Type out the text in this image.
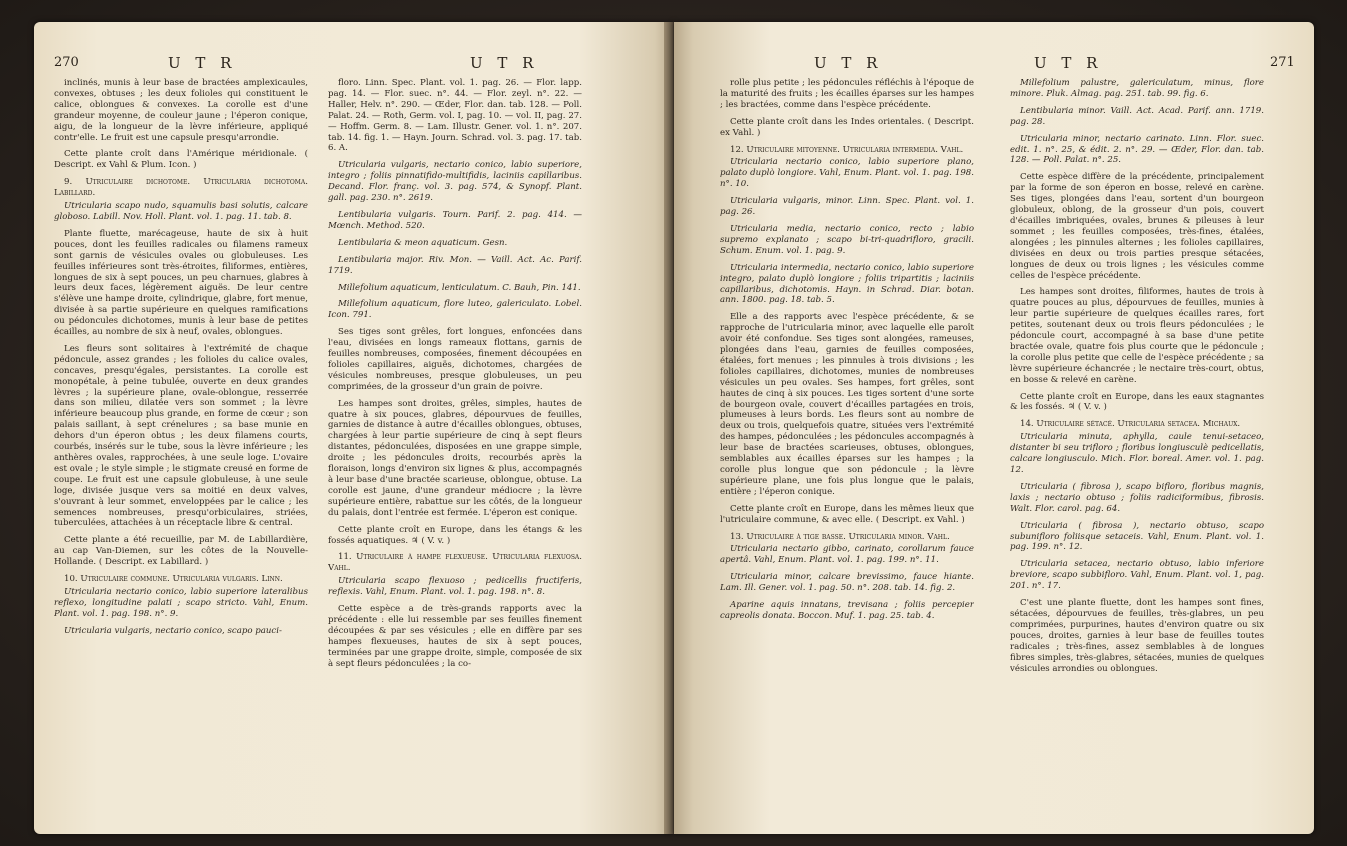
270	U T R	U T R

inclinés, munis à leur base de bractées amplexicaules, convexes, obtuses ; les deux folioles qui constituent le calice, oblongues & convexes. La corolle est d'une grandeur moyenne, de couleur jaune ; l'éperon conique, aigu, de la longueur de la lèvre inférieure, appliqué contr'elle. Le fruit est une capsule presqu'arrondie.

Cette plante croît dans l'Amérique méridionale. ( Descript. ex Vahl & Plum. Icon. )

9. Utriculaire dichotome. Utricularia dichotoma. Labillard.

Utricularia scapo nudo, squamulis basi solutis, calcare globoso. Labill. Nov. Holl. Plant. vol. 1. pag. 11. tab. 8.

Plante fluette, marécageuse, haute de six à huit pouces, dont les feuilles radicales ou filamens rameux sont garnis de vésicules ovales ou globuleuses. Les feuilles inférieures sont très-étroites, filiformes, entières, longues de six à sept pouces, un peu charnues, glabres à leurs deux faces, légèrement aiguës. De leur centre s'élève une hampe droite, cylindrique, glabre, fort menue, divisée à sa partie supérieure en quelques ramifications ou pédoncules dichotomes, munis à leur base de petites écailles, au nombre de six à neuf, ovales, oblongues.

Les fleurs sont solitaires à l'extrémité de chaque pédoncule, assez grandes ; les folioles du calice ovales, concaves, presqu'égales, persistantes. La corolle est monopétale, à peine tubulée, ouverte en deux grandes lèvres ; la supérieure plane, ovale-oblongue, resserrée dans son milieu, dilatée vers son sommet ; la lèvre inférieure beaucoup plus grande, en forme de cœur ; son palais saillant, à sept crénelures ; sa base munie en dehors d'un éperon obtus ; les deux filamens courts, courbés, insérés sur le tube, sous la lèvre inférieure ; les anthères ovales, rapprochées, à une seule loge. L'ovaire est ovale ; le style simple ; le stigmate creusé en forme de coupe. Le fruit est une capsule globuleuse, à une seule loge, divisée jusque vers sa moitié en deux valves, s'ouvrant à leur sommet, enveloppées par le calice ; les semences nombreuses, presqu'orbiculaires, striées, tuberculées, attachées à un réceptacle libre & central.

Cette plante a été recueillie, par M. de Labillardière, au cap Van-Diemen, sur les côtes de la Nouvelle-Hollande. ( Descript. ex Labillard. )

10. Utriculaire commune. Utricularia vulgaris. Linn.

Utricularia nectario conico, labio superiore lateralibus reflexo, longitudine palati ; scapo stricto. Vahl, Enum. Plant. vol. 1. pag. 198. n°. 9.

Utricularia vulgaris, nectario conico, scapo pauci-

floro. Linn. Spec. Plant. vol. 1. pag. 26. — Flor. lapp. pag. 14. — Flor. suec. n°. 44. — Flor. zeyl. n°. 22. — Haller, Helv. n°. 290. — Œder, Flor. dan. tab. 128. — Poll. Palat. 24. — Roth, Germ. vol. I, pag. 10. — vol. II, pag. 27. — Hoffm. Germ. 8. — Lam. Illustr. Gener. vol. 1. n°. 207. tab. 14. fig. 1. — Hayn. Journ. Schrad. vol. 3. pag. 17. tab. 6. A.

Utricularia vulgaris, nectario conico, labio superiore, integro ; foliis pinnatifido-multifidis, laciniis capillaribus. Decand. Flor. franç. vol. 3. pag. 574, & Synopf. Plant. gall. pag. 230. n°. 2619.

Lentibularia vulgaris. Tourn. Parif. 2. pag. 414. — Mœnch. Method. 520.

Lentibularia & meon aquaticum. Gesn.

Lentibularia major. Riv. Mon. — Vaill. Act. Ac. Parif. 1719.

Millefolium aquaticum, lenticulatum. C. Bauh, Pin. 141.

Millefolium aquaticum, flore luteo, galericulato. Lobel. Icon. 791.

Ses tiges sont grêles, fort longues, enfoncées dans l'eau, divisées en longs rameaux flottans, garnis de feuilles nombreuses, composées, finement découpées en folioles capillaires, aiguës, dichotomes, chargées de vésicules nombreuses, presque globuleuses, un peu comprimées, de la grosseur d'un grain de poivre.

Les hampes sont droites, grêles, simples, hautes de quatre à six pouces, glabres, dépourvues de feuilles, garnies de distance à autre d'écailles oblongues, obtuses, chargées à leur partie supérieure de cinq à sept fleurs distantes, pédonculées, disposées en une grappe simple, droite ; les pédoncules droits, recourbés après la floraison, longs d'environ six lignes & plus, accompagnés à leur base d'une bractée scarieuse, oblongue, obtuse. La corolle est jaune, d'une grandeur médiocre ; la lèvre supérieure entière, rabattue sur les côtés, de la longueur du palais, dont l'entrée est fermée. L'éperon est conique.

Cette plante croît en Europe, dans les étangs & les fossés aquatiques. ♃ ( V. v. )

11. Utriculaire à hampe flexueuse. Utricularia flexuosa. Vahl.

Utricularia scapo flexuoso ; pedicellis fructiferis, reflexis. Vahl, Enum. Plant. vol. 1. pag. 198. n°. 8.

Cette espèce a de très-grands rapports avec la précédente : elle lui ressemble par ses feuilles finement découpées & par ses vésicules ; elle en diffère par ses hampes flexueuses, hautes de six à sept pouces, terminées par une grappe droite, simple, composée de six à sept fleurs pédonculées ; la co-

U T R	U T R	271

rolle plus petite ; les pédoncules réfléchis à l'époque de la maturité des fruits ; les écailles éparses sur les hampes ; les bractées, comme dans l'espèce précédente.

Cette plante croît dans les Indes orientales. ( Descript. ex Vahl. )

12. Utriculaire mitoyenne. Utricularia intermedia. Vahl.

Utricularia nectario conico, labio superiore plano, palato duplò longiore. Vahl, Enum. Plant. vol. 1. pag. 198. n°. 10.

Utricularia vulgaris, minor. Linn. Spec. Plant. vol. 1. pag. 26.

Utricularia media, nectario conico, recto ; labio supremo explanato ; scapo bi-tri-quadrifloro, gracili. Schum. Enum. vol. 1. pag. 9.

Utricularia intermedia, nectario conico, labio superiore integro, palato duplò longiore ; foliis tripartitis ; laciniis capillaribus, dichotomis. Hayn. in Schrad. Diar. botan. ann. 1800. pag. 18. tab. 5.

Elle a des rapports avec l'espèce précédente, & se rapproche de l'utricularia minor, avec laquelle elle paroît avoir été confondue. Ses tiges sont alongées, rameuses, plongées dans l'eau, garnies de feuilles composées, étalées, fort menues ; les pinnules à trois divisions ; les folioles capillaires, dichotomes, munies de nombreuses vésicules un peu ovales. Ses hampes, fort grêles, sont hautes de cinq à six pouces. Les tiges sortent d'une sorte de bourgeon ovale, couvert d'écailles partagées en trois, plumeuses à leurs bords. Les fleurs sont au nombre de deux ou trois, quelquefois quatre, situées vers l'extrémité des hampes, pédonculées ; les pédoncules accompagnés à leur base de bractées scarieuses, obtuses, oblongues, semblables aux écailles éparses sur les hampes ; la corolle plus longue que son pédoncule ; la lèvre supérieure plane, une fois plus longue que le palais, entière ; l'éperon conique.

Cette plante croît en Europe, dans les mêmes lieux que l'utriculaire commune, & avec elle. ( Descript. ex Vahl. )

13. Utriculaire à tige basse. Utricularia minor. Vahl.

Utricularia nectario gibbo, carinato, corollarum fauce apertâ. Vahl, Enum. Plant. vol. 1. pag. 199. n°. 11.

Utricularia minor, calcare brevissimo, fauce hiante. Lam. Ill. Gener. vol. 1. pag. 50. n°. 208. tab. 14. fig. 2.

Aparine aquis innatans, trevisana ; foliis percepier capreolis donata. Boccon. Muf. 1. pag. 25. tab. 4.

Millefolium palustre, galericulatum, minus, flore minore. Pluk. Almag. pag. 251. tab. 99. fig. 6.

Lentibularia minor. Vaill. Act. Acad. Parif. ann. 1719. pag. 28.

Utricularia minor, nectario carinato. Linn. Flor. suec. edit. 1. n°. 25, & édit. 2. n°. 29. — Œder, Flor. dan. tab. 128. — Poll. Palat. n°. 25.

Cette espèce diffère de la précédente, principalement par la forme de son éperon en bosse, relevé en carène. Ses tiges, plongées dans l'eau, sortent d'un bourgeon globuleux, oblong, de la grosseur d'un pois, couvert d'écailles imbriquées, ovales, brunes & pileuses à leur sommet ; les feuilles composées, très-fines, étalées, alongées ; les pinnules alternes ; les folioles capillaires, divisées en deux ou trois parties presque sétacées, longues de deux ou trois lignes ; les vésicules comme celles de l'espèce précédente.

Les hampes sont droites, filiformes, hautes de trois à quatre pouces au plus, dépourvues de feuilles, munies à leur partie supérieure de quelques écailles rares, fort petites, soutenant deux ou trois fleurs pédonculées ; le pédoncule court, accompagné à sa base d'une petite bractée ovale, quatre fois plus courte que le pédoncule ; la corolle plus petite que celle de l'espèce précédente ; sa lèvre supérieure échancrée ; le nectaire très-court, obtus, en bosse & relevé en carène.

Cette plante croît en Europe, dans les eaux stagnantes & les fossés. ♃ ( V. v. )

14. Utriculaire sétacé. Utricularia setacea. Michaux.

Utricularia minuta, aphylla, caule tenui-setaceo, distanter bi seu trifloro ; floribus longiusculè pedicellatis, calcare longiusculo. Mich. Flor. boreal. Amer. vol. 1. pag. 12.

Utricularia ( fibrosa ), scapo bifloro, floribus magnis, laxis ; nectario obtuso ; foliis radiciformibus, fibrosis. Walt. Flor. carol. pag. 64.

Utricularia ( fibrosa ), nectario obtuso, scapo subunifloro foliisque setaceis. Vahl, Enum. Plant. vol. 1. pag. 199. n°. 12.

Utricularia setacea, nectario obtuso, labio inferiore breviore, scapo subbifloro. Vahl, Enum. Plant. vol. 1, pag. 201. n°. 17.

C'est une plante fluette, dont les hampes sont fines, sétacées, dépourvues de feuilles, très-glabres, un peu comprimées, purpurines, hautes d'environ quatre ou six pouces, droites, garnies à leur base de feuilles toutes radicales ; très-fines, assez semblables à de longues fibres simples, très-glabres, sétacées, munies de quelques vésicules arrondies ou oblongues.
